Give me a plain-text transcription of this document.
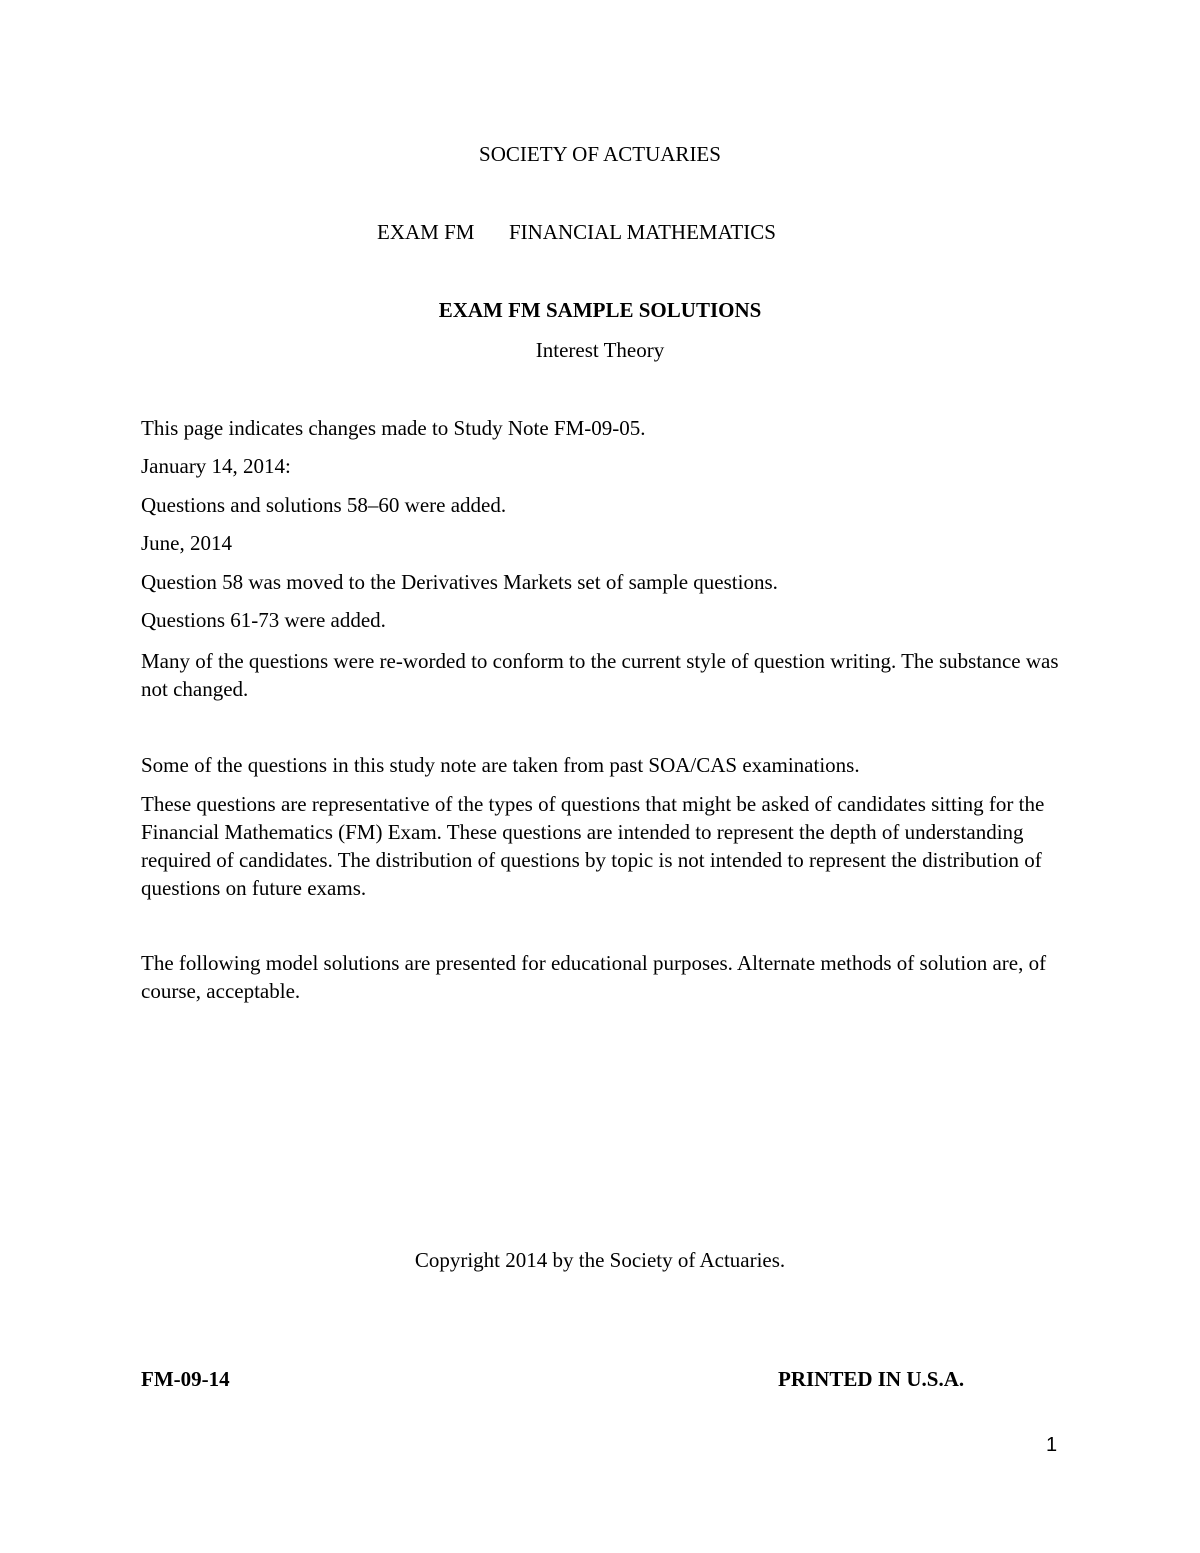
SOCIETY OF ACTUARIES

EXAM FM FINANCIAL MATHEMATICS

EXAM FM SAMPLE SOLUTIONS

Interest Theory

This page indicates changes made to Study Note FM-09-05.

January 14, 2014:

Questions and solutions 58–60 were added.

June, 2014

Question 58 was moved to the Derivatives Markets set of sample questions.

Questions 61-73 were added.

Many of the questions were re-worded to conform to the current style of question writing. The substance was not changed.

Some of the questions in this study note are taken from past SOA/CAS examinations.

These questions are representative of the types of questions that might be asked of candidates sitting for the Financial Mathematics (FM) Exam. These questions are intended to represent the depth of understanding required of candidates. The distribution of questions by topic is not intended to represent the distribution of questions on future exams.

The following model solutions are presented for educational purposes. Alternate methods of solution are, of course, acceptable.

Copyright 2014 by the Society of Actuaries.

FM-09-14	PRINTED IN U.S.A.

1
